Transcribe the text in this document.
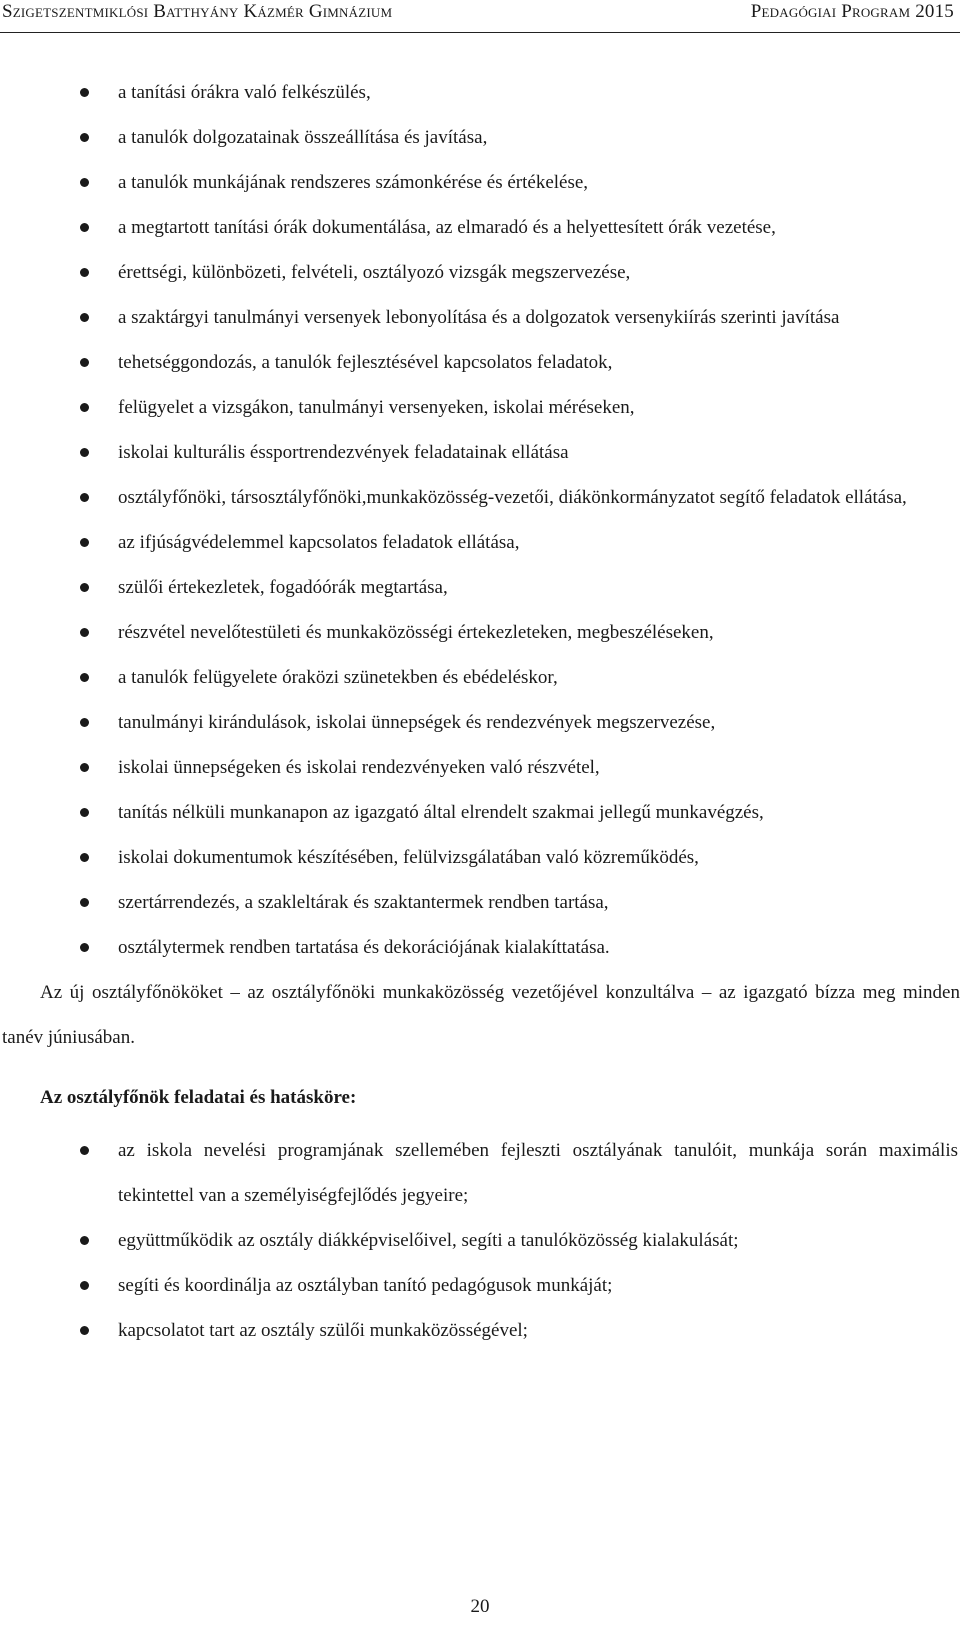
Szigetszentmiklósi Batthyány Kázmér Gimnázium	Pedagógiai Program 2015
a tanítási órákra való felkészülés,
a tanulók dolgozatainak összeállítása és javítása,
a tanulók munkájának rendszeres számonkérése és értékelése,
a megtartott tanítási órák dokumentálása, az elmaradó és a helyettesített órák vezetése,
érettségi, különbözeti, felvételi, osztályozó vizsgák megszervezése,
a szaktárgyi tanulmányi versenyek lebonyolítása és a dolgozatok versenykiírás szerinti javítása
tehetséggondozás, a tanulók fejlesztésével kapcsolatos feladatok,
felügyelet a vizsgákon, tanulmányi versenyeken, iskolai méréseken,
iskolai kulturális éssportrendezvények feladatainak ellátása
osztályfőnöki, társosztályfőnöki,munkaközösség-vezetői, diákönkormányzatot segítő feladatok ellátása,
az ifjúságvédelemmel kapcsolatos feladatok ellátása,
szülői értekezletek, fogadóórák megtartása,
részvétel nevelőtestületi és munkaközösségi értekezleteken, megbeszéléseken,
a tanulók felügyelete óraközi szünetekben és ebédeléskor,
tanulmányi kirándulások, iskolai ünnepségek és rendezvények megszervezése,
iskolai ünnepségeken és iskolai rendezvényeken való részvétel,
tanítás nélküli munkanapon az igazgató által elrendelt szakmai jellegű munkavégzés,
iskolai dokumentumok készítésében, felülvizsgálatában való közreműködés,
szertárrendezés, a szakleltárak és szaktantermek rendben tartása,
osztálytermek rendben tartatása és dekorációjának kialakíttatása.

Az új osztályfőnököket – az osztályfőnöki munkaközösség vezetőjével konzultálva – az igazgató bízza meg minden tanév júniusában.

Az osztályfőnök feladatai és hatásköre:

az iskola nevelési programjának szellemében fejleszti osztályának tanulóit, munkája során maximális tekintettel van a személyiségfejlődés jegyeire;
együttműködik az osztály diákképviselőivel, segíti a tanulóközösség kialakulását;
segíti és koordinálja az osztályban tanító pedagógusok munkáját;
kapcsolatot tart az osztály szülői munkaközösségével;
20
